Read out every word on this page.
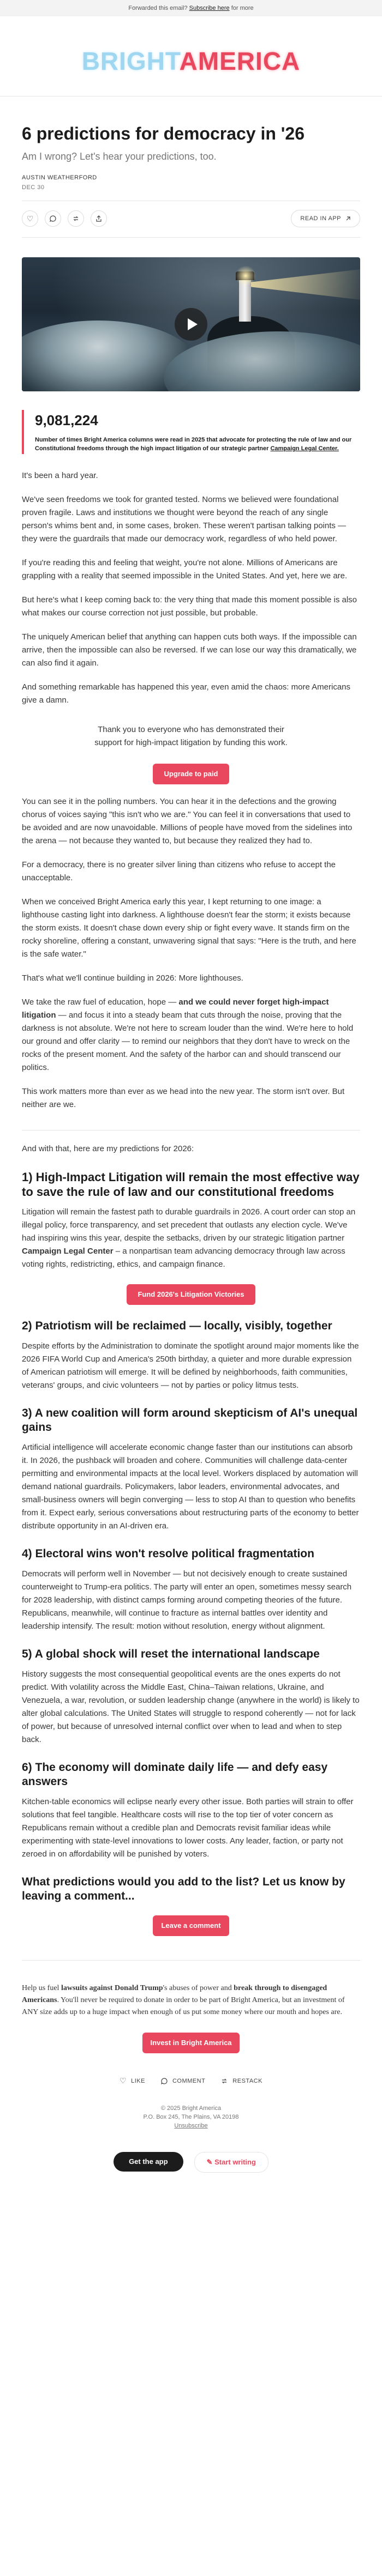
Forwarded this email? Subscribe here for more
BRIGHTAMERICA
6 predictions for democracy in '26
Am I wrong? Let's hear your predictions, too.
AUSTIN WEATHERFORD
DEC 30
♡	READ IN APP
9,081,224
Number of times Bright America columns were read in 2025 that advocate for protecting the rule of law and our Constitutional freedoms through the high impact litigation of our strategic partner Campaign Legal Center.

It's been a hard year.

We've seen freedoms we took for granted tested. Norms we believed were foundational proven fragile. Laws and institutions we thought were beyond the reach of any single person's whims bent and, in some cases, broken. These weren't partisan talking points — they were the guardrails that made our democracy work, regardless of who held power.

If you're reading this and feeling that weight, you're not alone. Millions of Americans are grappling with a reality that seemed impossible in the United States. And yet, here we are.

But here's what I keep coming back to: the very thing that made this moment possible is also what makes our course correction not just possible, but probable.

The uniquely American belief that anything can happen cuts both ways. If the impossible can arrive, then the impossible can also be reversed. If we can lose our way this dramatically, we can also find it again.

And something remarkable has happened this year, even amid the chaos: more Americans give a damn.

Thank you to everyone who has demonstrated their support for high-impact litigation by funding this work.
Upgrade to paid

You can see it in the polling numbers. You can hear it in the defections and the growing chorus of voices saying "this isn't who we are." You can feel it in conversations that used to be avoided and are now unavoidable. Millions of people have moved from the sidelines into the arena — not because they wanted to, but because they realized they had to.

For a democracy, there is no greater silver lining than citizens who refuse to accept the unacceptable.

When we conceived Bright America early this year, I kept returning to one image: a lighthouse casting light into darkness. A lighthouse doesn't fear the storm; it exists because the storm exists. It doesn't chase down every ship or fight every wave. It stands firm on the rocky shoreline, offering a constant, unwavering signal that says: "Here is the truth, and here is the safe water."

That's what we'll continue building in 2026: More lighthouses.

We take the raw fuel of education, hope — and we could never forget high-impact litigation — and focus it into a steady beam that cuts through the noise, proving that the darkness is not absolute. We're not here to scream louder than the wind. We're here to hold our ground and offer clarity — to remind our neighbors that they don't have to wreck on the rocks of the present moment. And the safety of the harbor can and should transcend our politics.

This work matters more than ever as we head into the new year. The storm isn't over. But neither are we.

And with that, here are my predictions for 2026:

1) High-Impact Litigation will remain the most effective way to save the rule of law and our constitutional freedoms

Litigation will remain the fastest path to durable guardrails in 2026. A court order can stop an illegal policy, force transparency, and set precedent that outlasts any election cycle. We've had inspiring wins this year, despite the setbacks, driven by our strategic litigation partner Campaign Legal Center – a nonpartisan team advancing democracy through law across voting rights, redistricting, ethics, and campaign finance.

Fund 2026's Litigation Victories
2) Patriotism will be reclaimed — locally, visibly, together

Despite efforts by the Administration to dominate the spotlight around major moments like the 2026 FIFA World Cup and America's 250th birthday, a quieter and more durable expression of American patriotism will emerge. It will be defined by neighborhoods, faith communities, veterans' groups, and civic volunteers — not by parties or policy litmus tests.

3) A new coalition will form around skepticism of AI's unequal gains

Artificial intelligence will accelerate economic change faster than our institutions can absorb it. In 2026, the pushback will broaden and cohere. Communities will challenge data-center permitting and environmental impacts at the local level. Workers displaced by automation will demand national guardrails. Policymakers, labor leaders, environmental advocates, and small-business owners will begin converging — less to stop AI than to question who benefits from it. Expect early, serious conversations about restructuring parts of the economy to better distribute opportunity in an AI-driven era.

4) Electoral wins won't resolve political fragmentation

Democrats will perform well in November — but not decisively enough to create sustained counterweight to Trump-era politics. The party will enter an open, sometimes messy search for 2028 leadership, with distinct camps forming around competing theories of the future. Republicans, meanwhile, will continue to fracture as internal battles over identity and leadership intensify. The result: motion without resolution, energy without alignment.

5) A global shock will reset the international landscape

History suggests the most consequential geopolitical events are the ones experts do not predict. With volatility across the Middle East, China–Taiwan relations, Ukraine, and Venezuela, a war, revolution, or sudden leadership change (anywhere in the world) is likely to alter global calculations. The United States will struggle to respond coherently — not for lack of power, but because of unresolved internal conflict over when to lead and when to step back.

6) The economy will dominate daily life — and defy easy answers

Kitchen-table economics will eclipse nearly every other issue. Both parties will strain to offer solutions that feel tangible. Healthcare costs will rise to the top tier of voter concern as Republicans remain without a credible plan and Democrats revisit familiar ideas while experimenting with state-level innovations to lower costs. Any leader, faction, or party not zeroed in on affordability will be punished by voters.

What predictions would you add to the list? Let us know by leaving a comment...
Leave a comment

Help us fuel lawsuits against Donald Trump's abuses of power and break through to disengaged Americans. You'll never be required to donate in order to be part of Bright America, but an investment of ANY size adds up to a huge impact when enough of us put some money where our mouth and hopes are.

Invest in Bright America
♡ LIKE	COMMENT	RESTACK
© 2025 Bright America
P.O. Box 245, The Plains, VA 20198
Unsubscribe
Get the app	✎ Start writing
